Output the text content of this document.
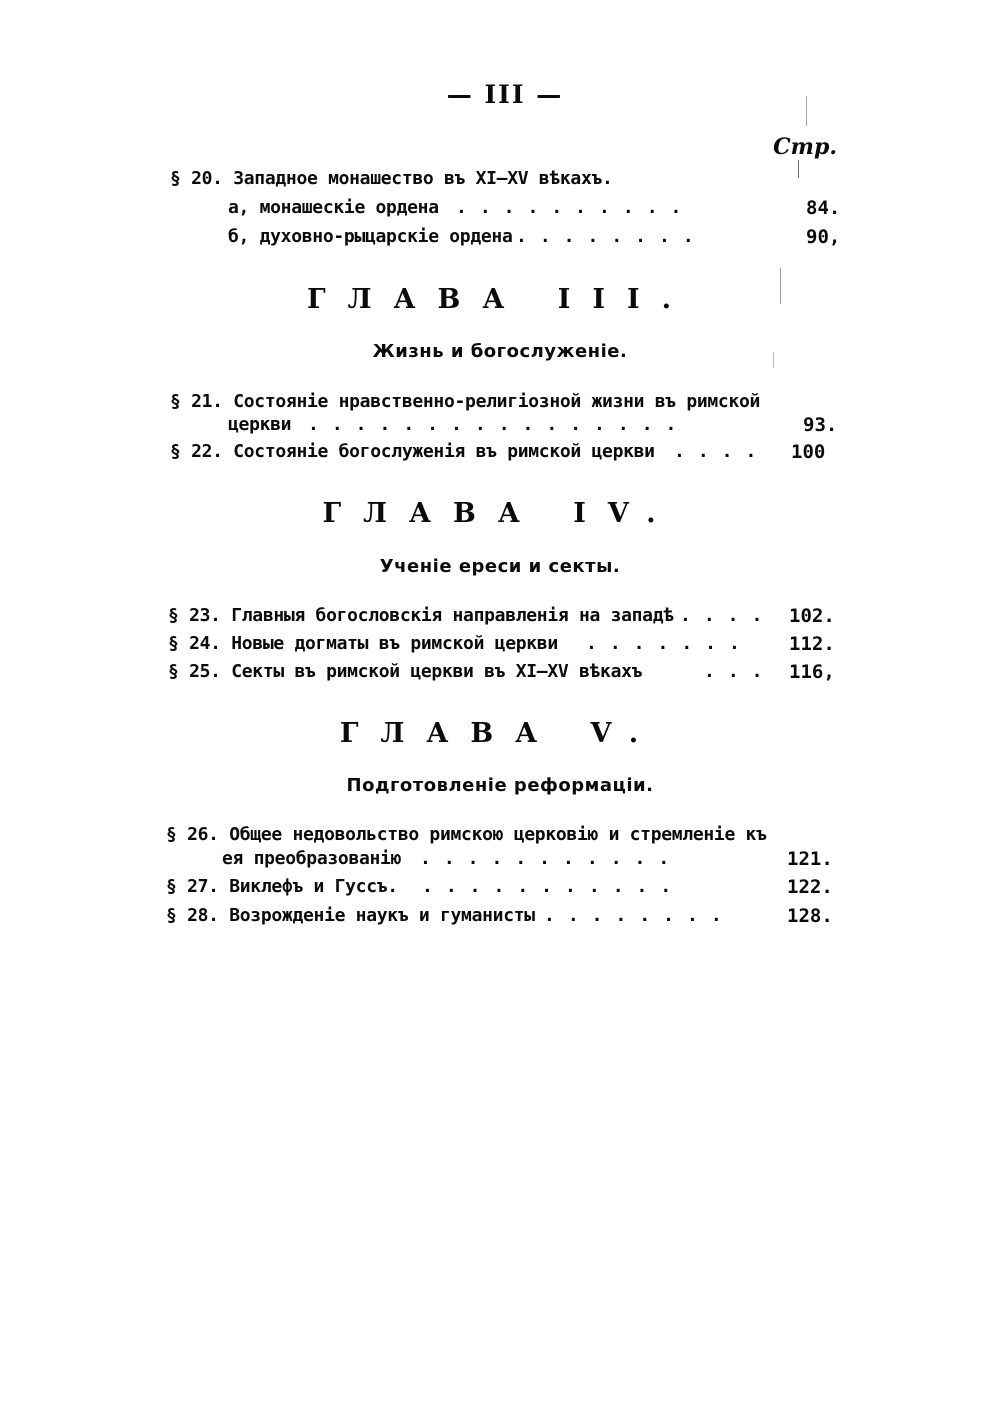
— III —
Стр.
§ 20. Западное монашество въ XI—XV вѣкахъ.
а, монашескіе ордена ..........	84.
б, духовно-рыцарскіе ордена ........	90,
ГЛАВА III.
Жизнь и богослуженіе.
§ 21. Состояніе нравственно-религіозной жизни въ римской
церкви ................	93.
§ 22. Состояніе богослуженія въ римской церкви .... 100
ГЛАВА IV.
Ученіе ереси и секты.
§ 23. Главныя богословскія направленія на западѣ .... 102.
§ 24. Новые догматы въ римской церкви ....... 112.
§ 25. Секты въ римской церкви въ XI—XV вѣкахъ	... 116,
ГЛАВА V.
Подготовленіе реформаціи.
§ 26. Общее недовольство римскою церковію и стремленіе къ
ея преобразованію ...........	121.
§ 27. Виклефъ и Гуссъ. ...........	122.
§ 28. Возрожденіе наукъ и гуманисты ........	128.
